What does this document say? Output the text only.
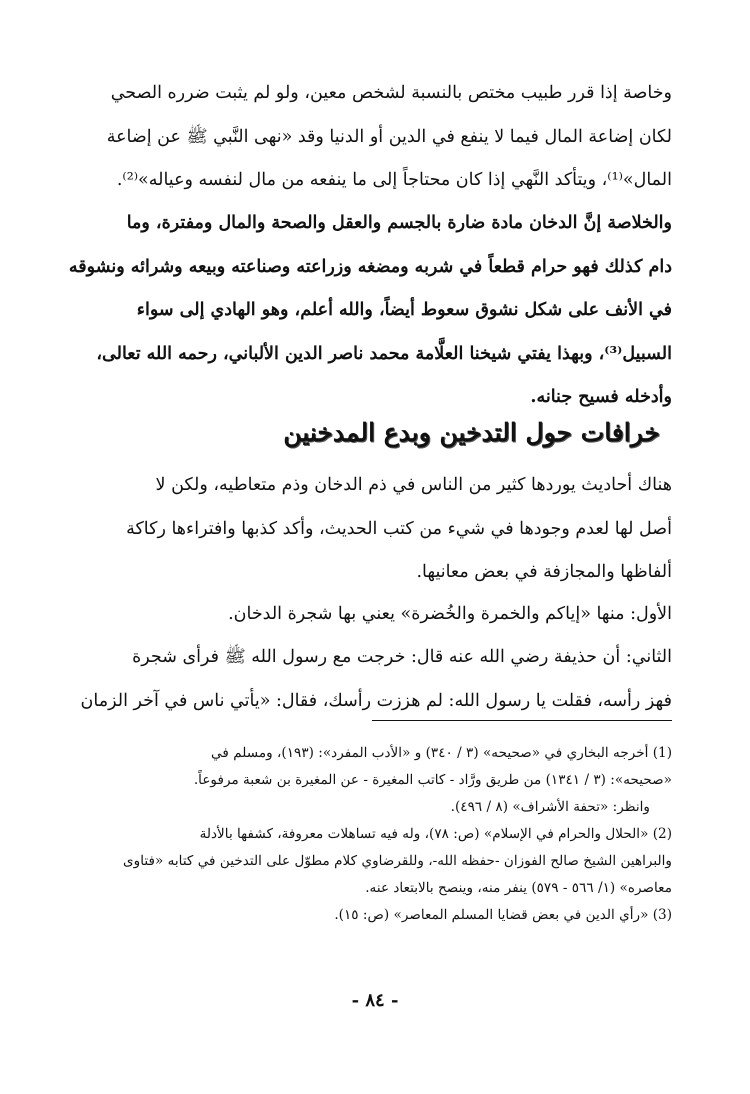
وخاصة إذا قرر طبيب مختص بالنسبة لشخص معين، ولو لم يثبت ضرره الصحي
لكان إضاعة المال فيما لا ينفع في الدين أو الدنيا وقد «نهى النَّبي ﷺ عن إضاعة
المال»⁽¹⁾، ويتأكد النَّهي إذا كان محتاجاً إلى ما ينفعه من مال لنفسه وعياله»⁽²⁾.
والخلاصة إنَّ الدخان مادة ضارة بالجسم والعقل والصحة والمال ومفترة، وما
دام كذلك فهو حرام قطعاً في شربه ومضغه وزراعته وصناعته وبيعه وشرائه ونشوقه
في الأنف على شكل نشوق سعوط أيضاً، والله أعلم، وهو الهادي إلى سواء
السبيل⁽³⁾، وبهذا يفتي شيخنا العلَّامة محمد ناصر الدين الألباني، رحمه الله تعالى،
وأدخله فسيح جنانه.
خرافات حول التدخين وبدع المدخنين
هناك أحاديث يوردها كثير من الناس في ذم الدخان وذم متعاطيه، ولكن لا
أصل لها لعدم وجودها في شيء من كتب الحديث، وأكد كذبها وافتراءها ركاكة
ألفاظها والمجازفة في بعض معانيها.
الأول: منها «إياكم والخمرة والخُضرة» يعني بها شجرة الدخان.
الثاني: أن حذيفة رضي الله عنه قال: خرجت مع رسول الله ﷺ فرأى شجرة
فهز رأسه، فقلت يا رسول الله: لم هززت رأسك، فقال: «يأتي ناس في آخر الزمان
(1) أخرجه البخاري في «صحيحه» (٣ / ٣٤٠) و «الأدب المفرد»: (١٩٣)، ومسلم في
«صحيحه»: (٣ / ١٣٤١) من طريق ورَّاد - كاتب المغيرة - عن المغيرة بن شعبة مرفوعاً.
وانظر: «تحفة الأشراف» (٨ / ٤٩٦).
(2) «الحلال والحرام في الإسلام» (ص: ٧٨)، وله فيه تساهلات معروفة، كشفها بالأدلة
والبراهين الشيخ صالح الفوزان -حفظه الله-، وللقرضاوي كلام مطوّل على التدخين في كتابه «فتاوى
معاصره» (١/ ٥٦٦ - ٥٧٩) ينفر منه، وينصح بالابتعاد عنه.
(3) «رأي الدين في بعض قضايا المسلم المعاصر» (ص: ١٥).
- ٨٤ -
